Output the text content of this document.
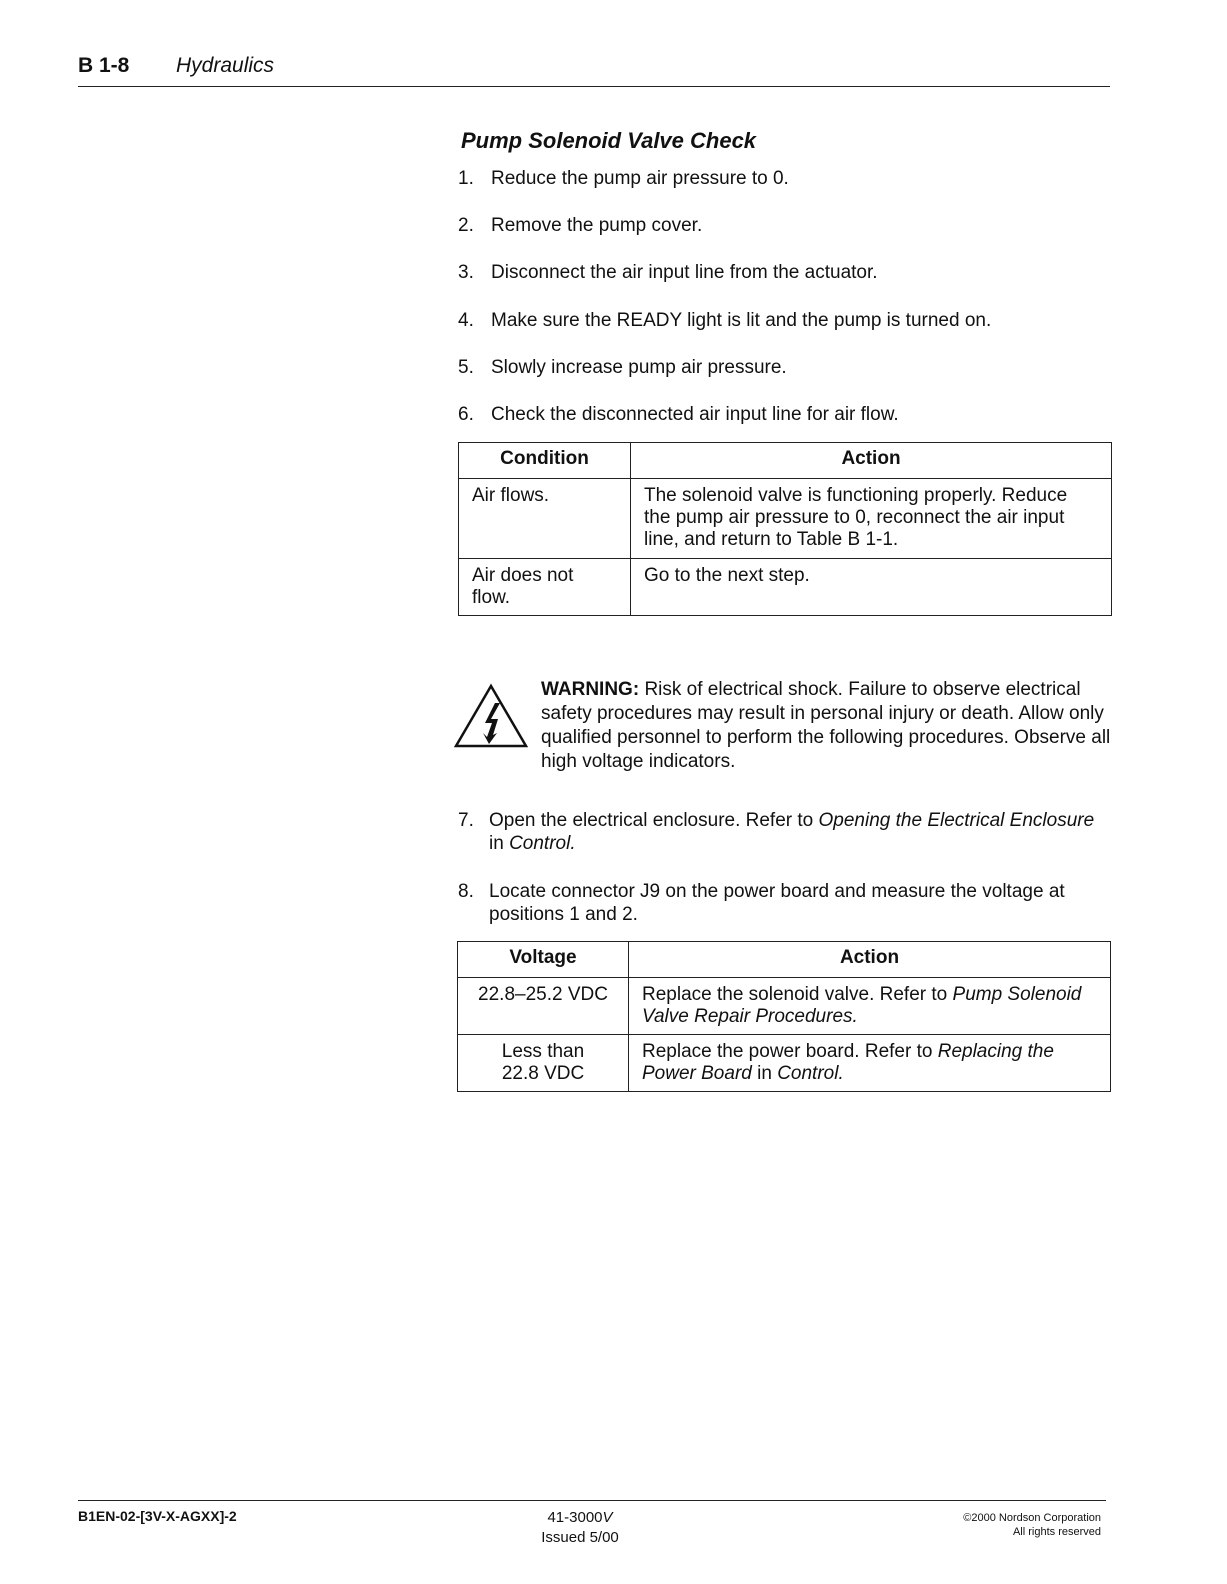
B 1-8 Hydraulics
Pump Solenoid Valve Check
1. Reduce the pump air pressure to 0.
2. Remove the pump cover.
3. Disconnect the air input line from the actuator.
4. Make sure the READY light is lit and the pump is turned on.
5. Slowly increase pump air pressure.
6. Check the disconnected air input line for air flow.
Condition	Action
Air flows.	The solenoid valve is functioning properly. Reduce the pump air pressure to 0, reconnect the air input line, and return to Table B 1-1.
Air does not flow.	Go to the next step.
WARNING: Risk of electrical shock. Failure to observe electrical safety procedures may result in personal injury or death. Allow only qualified personnel to perform the following procedures. Observe all high voltage indicators.
7. Open the electrical enclosure. Refer to Opening the Electrical Enclosure in Control.
8. Locate connector J9 on the power board and measure the voltage at positions 1 and 2.
Voltage	Action
22.8–25.2 VDC	Replace the solenoid valve. Refer to Pump Solenoid Valve Repair Procedures.
Less than 22.8 VDC	Replace the power board. Refer to Replacing the Power Board in Control.
B1EN-02-[3V-X-AGXX]-2	41-3000V
Issued 5/00
©2000 Nordson Corporation
All rights reserved
